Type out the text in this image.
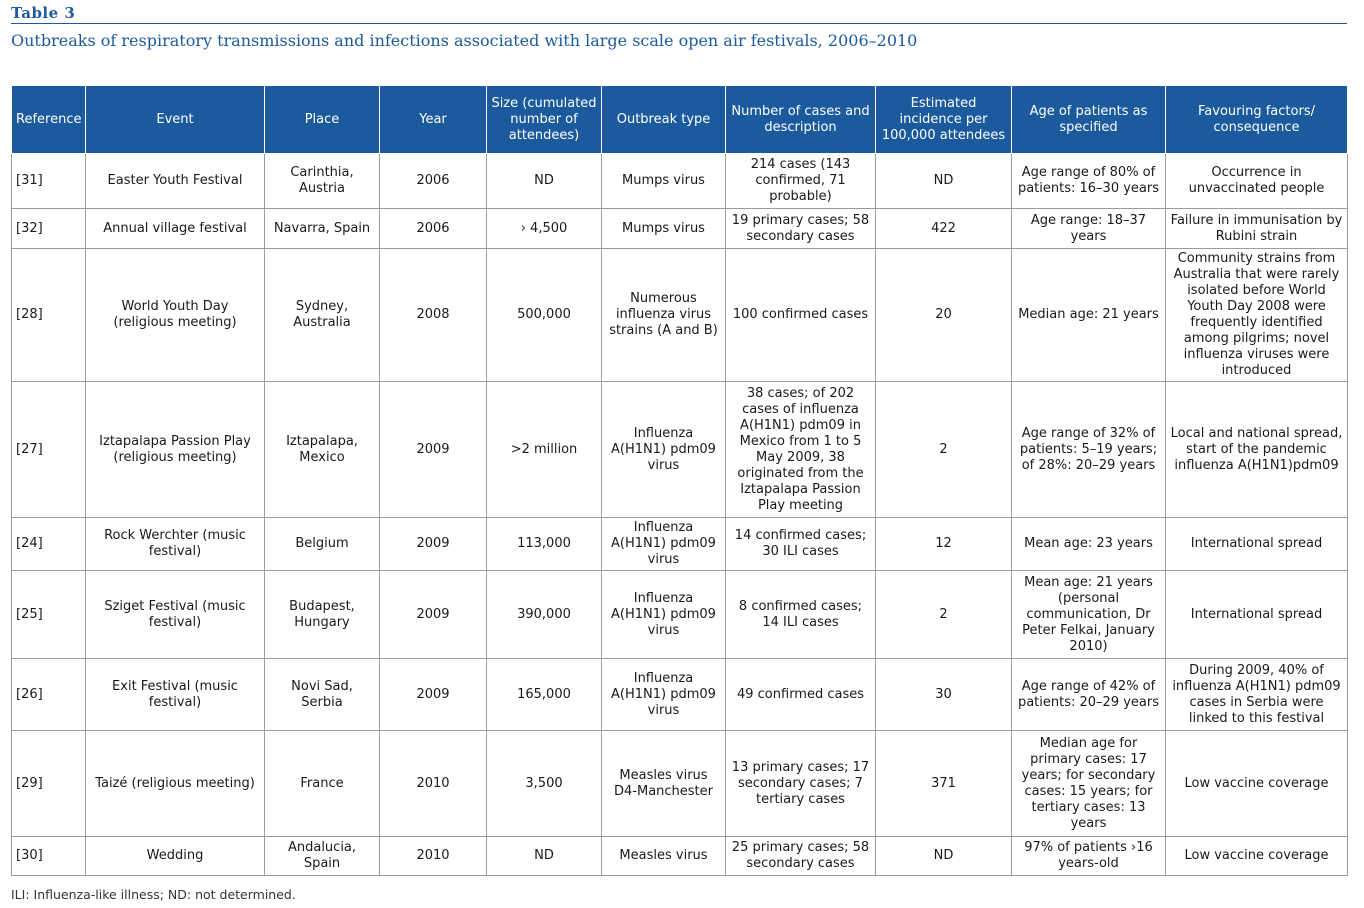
Table 3
Outbreaks of respiratory transmissions and infections associated with large scale open air festivals, 2006–2010
Reference	Event	Place	Year	Size (cumulated number of attendees)	Outbreak type	Number of cases and description	Estimated incidence per 100,000 attendees	Age of patients as specified	Favouring factors/ consequence
[31]	Easter Youth Festival	Carinthia, Austria	2006	ND	Mumps virus	214 cases (143 confirmed, 71 probable)	ND	Age range of 80% of patients: 16–30 years	Occurrence in unvaccinated people
[32]	Annual village festival	Navarra, Spain	2006	› 4,500	Mumps virus	19 primary cases; 58 secondary cases	422	Age range: 18–37 years	Failure in immunisation by Rubini strain
[28]	World Youth Day (religious meeting)	Sydney, Australia	2008	500,000	Numerous influenza virus strains (A and B)	100 confirmed cases	20	Median age: 21 years	Community strains from Australia that were rarely isolated before World Youth Day 2008 were frequently identified among pilgrims; novel influenza viruses were introduced
[27]	Iztapalapa Passion Play (religious meeting)	Iztapalapa, Mexico	2009	>2 million	Influenza A(H1N1) pdm09 virus	38 cases; of 202 cases of influenza A(H1N1) pdm09 in Mexico from 1 to 5 May 2009, 38 originated from the Iztapalapa Passion Play meeting	2	Age range of 32% of patients: 5–19 years; of 28%: 20–29 years	Local and national spread, start of the pandemic influenza A(H1N1)pdm09
[24]	Rock Werchter (music festival)	Belgium	2009	113,000	Influenza A(H1N1) pdm09 virus	14 confirmed cases; 30 ILI cases	12	Mean age: 23 years	International spread
[25]	Sziget Festival (music festival)	Budapest, Hungary	2009	390,000	Influenza A(H1N1) pdm09 virus	8 confirmed cases; 14 ILI cases	2	Mean age: 21 years (personal communication, Dr Peter Felkai, January 2010)	International spread
[26]	Exit Festival (music festival)	Novi Sad, Serbia	2009	165,000	Influenza A(H1N1) pdm09 virus	49 confirmed cases	30	Age range of 42% of patients: 20–29 years	During 2009, 40% of influenza A(H1N1) pdm09 cases in Serbia were linked to this festival
[29]	Taizé (religious meeting)	France	2010	3,500	Measles virus D4-Manchester	13 primary cases; 17 secondary cases; 7 tertiary cases	371	Median age for primary cases: 17 years; for secondary cases: 15 years; for tertiary cases: 13 years	Low vaccine coverage
[30]	Wedding	Andalucia, Spain	2010	ND	Measles virus	25 primary cases; 58 secondary cases	ND	97% of patients ›16 years-old	Low vaccine coverage
ILI: Influenza-like illness; ND: not determined.
